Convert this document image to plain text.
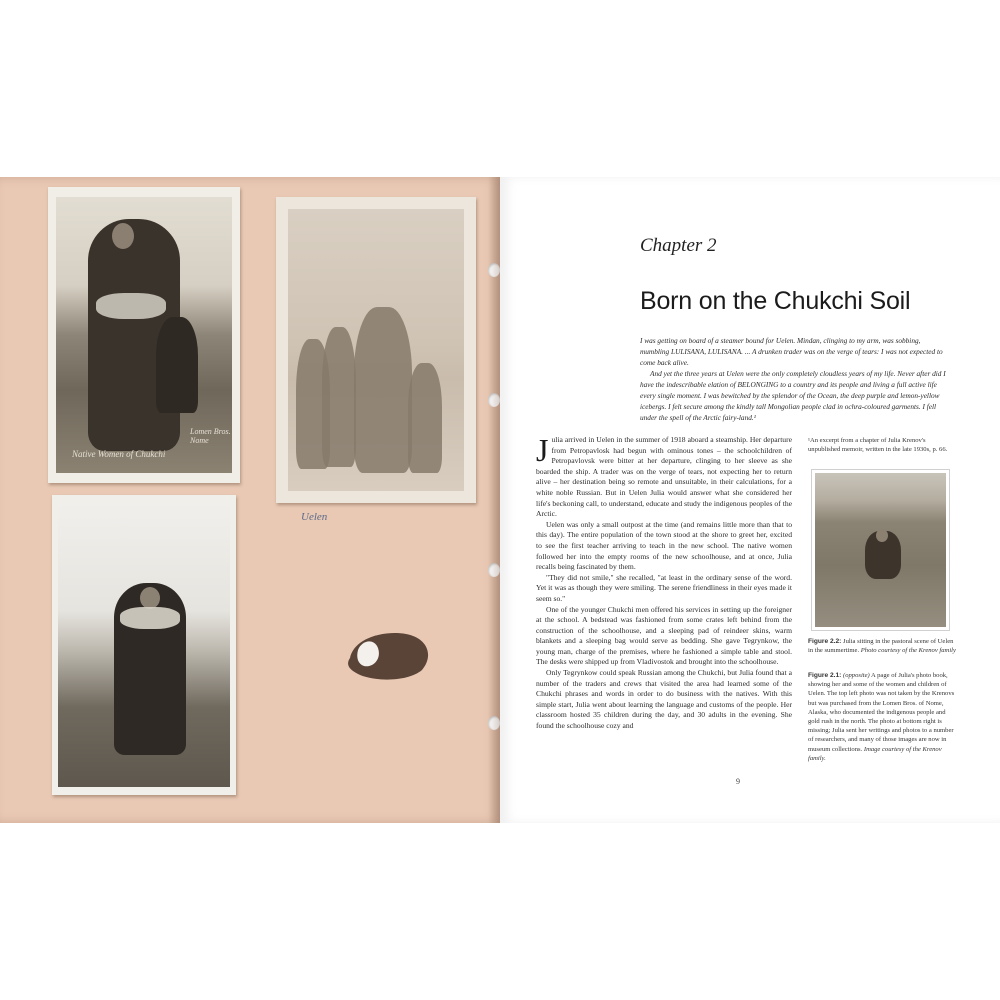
Native Women of Chukchi
Lomen Bros. Nome
Uelen
Chapter 2
Born on the Chukchi Soil

I was getting on board of a steamer bound for Uelen. Mindan, clinging to my arm, was sobbing, mumbling LULISANA, LULISANA. ... A drunken trader was on the verge of tears: I was not expected to come back alive.

And yet the three years at Uelen were the only completely cloudless years of my life. Never after did I have the indescribable elation of BELONGING to a country and its people and living a full active life every single moment. I was bewitched by the splendor of the Ocean, the deep purple and lemon-yellow icebergs. I felt secure among the kindly tall Mongolian people clad in ochra-coloured garments. I fell under the spell of the Arctic fairy-land.¹

Julia arrived in Uelen in the summer of 1918 aboard a steamship. Her departure from Petropavlosk had begun with ominous tones – the schoolchildren of Petropavlovsk were bitter at her departure, clinging to her sleeve as she boarded the ship. A trader was on the verge of tears, not expecting her to return alive – her destination being so remote and unsuitable, in their calculations, for a white noble Russian. But in Uelen Julia would answer what she considered her life's beckoning call, to understand, educate and study the indigenous peoples of the Arctic.

Uelen was only a small outpost at the time (and remains little more than that to this day). The entire population of the town stood at the shore to greet her, excited to see the first teacher arriving to teach in the new school. The native women followed her into the empty rooms of the new schoolhouse, and at once, Julia recalls being fascinated by them.

"They did not smile," she recalled, "at least in the ordinary sense of the word. Yet it was as though they were smiling. The serene friendliness in their eyes made it seem so."

One of the younger Chukchi men offered his services in setting up the foreigner at the school. A bedstead was fashioned from some crates left behind from the construction of the schoolhouse, and a sleeping pad of reindeer skins, warm blankets and a sleeping bag would serve as bedding. She gave Tegrynkow, the young man, charge of the premises, where he fashioned a simple table and stool. The desks were shipped up from Vladivostok and brought into the schoolhouse.

Only Tegrynkow could speak Russian among the Chukchi, but Julia found that a number of the traders and crews that visited the area had learned some of the Chukchi phrases and words in order to do business with the natives. With this simple start, Julia went about learning the language and customs of the people. Her classroom hosted 35 children during the day, and 30 adults in the evening. She found the schoolhouse cozy and

¹An excerpt from a chapter of Julia Krenov's unpublished memoir, written in the late 1930s, p. 66.

Figure 2.2: Julia sitting in the pastoral scene of Uelen in the summertime. Photo courtesy of the Krenov family

Figure 2.1: (opposite) A page of Julia's photo book, showing her and some of the women and children of Uelen. The top left photo was not taken by the Krenovs but was purchased from the Lomen Bros. of Nome, Alaska, who documented the indigenous people and gold rush in the north. The photo at bottom right is missing; Julia sent her writings and photos to a number of researchers, and many of those images are now in museum collections. Image courtesy of the Krenov family.

9
